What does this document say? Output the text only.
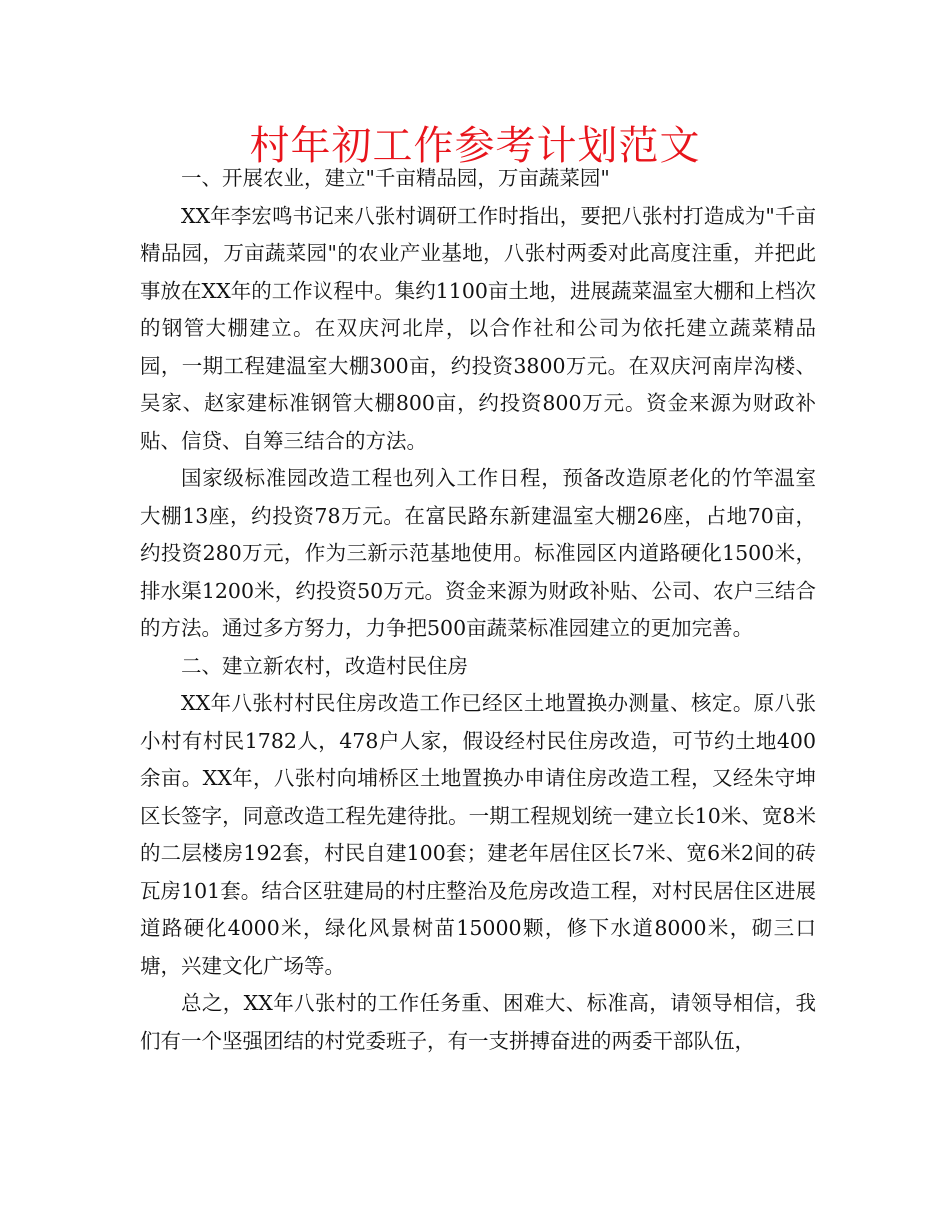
村年初工作参考计划范文

一、开展农业，建立"千亩精品园，万亩蔬菜园"

XX年李宏鸣书记来八张村调研工作时指出，要把八张村打造成为"千亩精品园，万亩蔬菜园"的农业产业基地，八张村两委对此高度注重，并把此事放在XX年的工作议程中。集约1100亩土地，进展蔬菜温室大棚和上档次的钢管大棚建立。在双庆河北岸，以合作社和公司为依托建立蔬菜精品园，一期工程建温室大棚300亩，约投资3800万元。在双庆河南岸沟楼、吴家、赵家建标准钢管大棚800亩，约投资800万元。资金来源为财政补贴、信贷、自筹三结合的方法。

国家级标准园改造工程也列入工作日程，预备改造原老化的竹竿温室大棚13座，约投资78万元。在富民路东新建温室大棚26座，占地70亩，约投资280万元，作为三新示范基地使用。标准园区内道路硬化1500米，排水渠1200米，约投资50万元。资金来源为财政补贴、公司、农户三结合的方法。通过多方努力，力争把500亩蔬菜标准园建立的更加完善。

二、建立新农村，改造村民住房

XX年八张村村民住房改造工作已经区土地置换办测量、核定。原八张小村有村民1782人，478户人家，假设经村民住房改造，可节约土地400余亩。XX年，八张村向埔桥区土地置换办申请住房改造工程，又经朱守坤区长签字，同意改造工程先建待批。一期工程规划统一建立长10米、宽8米的二层楼房192套，村民自建100套；建老年居住区长7米、宽6米2间的砖瓦房101套。结合区驻建局的村庄整治及危房改造工程，对村民居住区进展道路硬化4000米，绿化风景树苗15000颗，修下水道8000米，砌三口塘，兴建文化广场等。

总之，XX年八张村的工作任务重、困难大、标准高，请领导相信，我们有一个坚强团结的村党委班子，有一支拼搏奋进的两委干部队伍，
